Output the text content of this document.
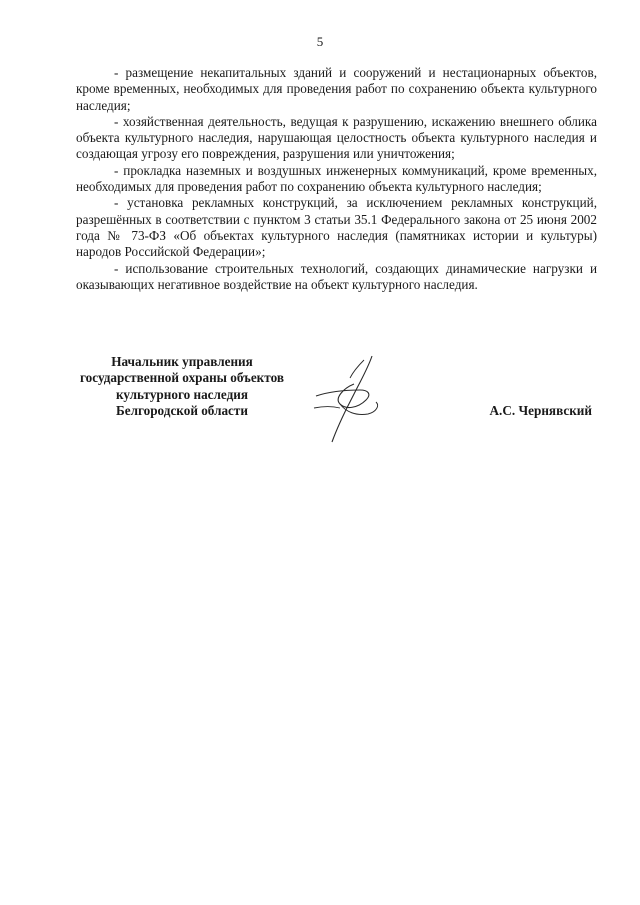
5

- размещение некапитальных зданий и сооружений и нестационарных объектов, кроме временных, необходимых для проведения работ по сохранению объекта культурного наследия;

- хозяйственная деятельность, ведущая к разрушению, искажению внешнего облика объекта культурного наследия, нарушающая целостность объекта культурного наследия и создающая угрозу его повреждения, разрушения или уничтожения;

- прокладка наземных и воздушных инженерных коммуникаций, кроме временных, необходимых для проведения работ по сохранению объекта культурного наследия;

- установка рекламных конструкций, за исключением рекламных конструкций, разрешённых в соответствии с пунктом 3 статьи 35.1 Федерального закона от 25 июня 2002 года № 73-ФЗ «Об объектах культурного наследия (памятниках истории и культуры) народов Российской Федерации»;

- использование строительных технологий, создающих динамические нагрузки и оказывающих негативное воздействие на объект культурного наследия.

Начальник управления
государственной охраны объектов
культурного наследия
Белгородской области	А.С. Чернявский
